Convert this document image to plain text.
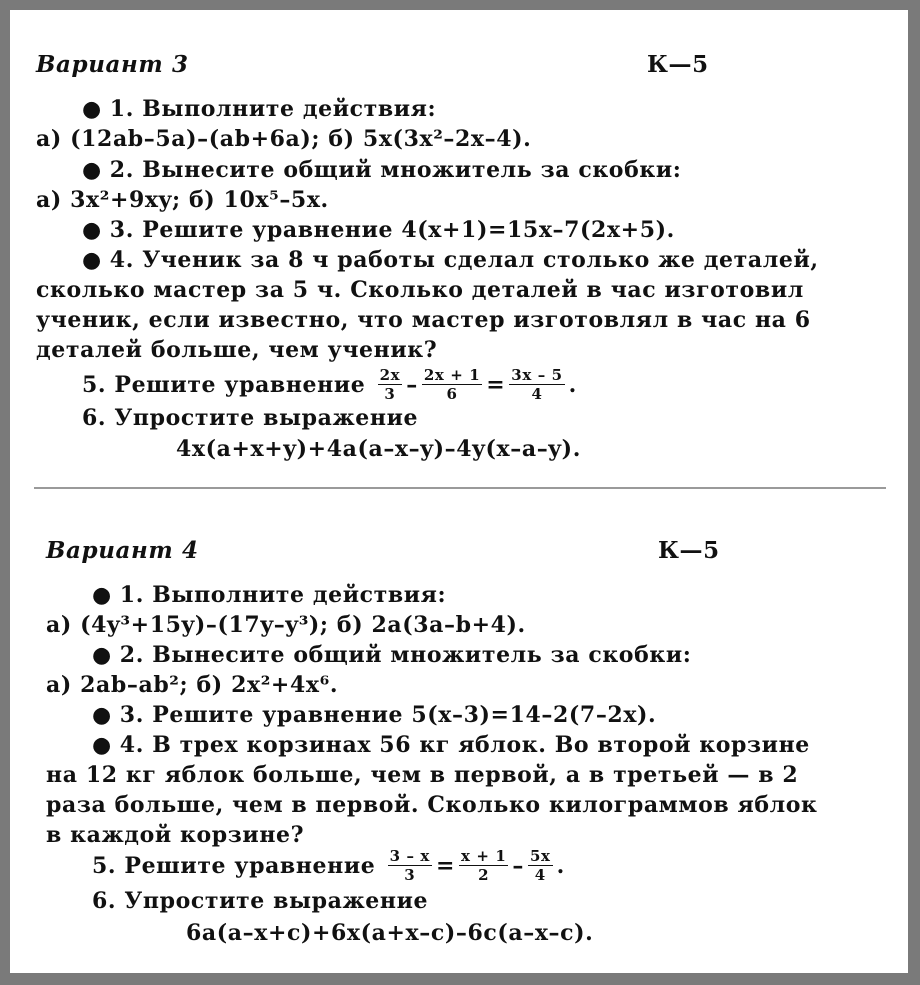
Вариант 3	К—5
● 1. Выполните действия:
а) (12ab–5a)–(ab+6a); б) 5x(3x²–2x–4).
● 2. Вынесите общий множитель за скобки:
а) 3x²+9xy; б) 10x⁵–5x.
● 3. Решите уравнение 4(x+1)=15x–7(2x+5).
● 4. Ученик за 8 ч работы сделал столько же деталей,
сколько мастер за 5 ч. Сколько деталей в час изготовил
ученик, если известно, что мастер изготовлял в час на 6
деталей больше, чем ученик?
5. Решите уравнение $\frac{2x}{3} - \frac{2x + 1}{6} = \frac{3x - 5}{4}$ .
6. Упростите выражение
4x(a+x+y)+4a(a–x–y)–4y(x–a–y).
Вариант 4	К—5
● 1. Выполните действия:
а) (4y³+15y)–(17y–y³); б) 2a(3a–b+4).
● 2. Вынесите общий множитель за скобки:
а) 2ab–ab²; б) 2x²+4x⁶.
● 3. Решите уравнение 5(x–3)=14–2(7–2x).
● 4. В трех корзинах 56 кг яблок. Во второй корзине
на 12 кг яблок больше, чем в первой, а в третьей — в 2
раза больше, чем в первой. Сколько килограммов яблок
в каждой корзине?
5. Решите уравнение $\frac{3 - x}{3} = \frac{x + 1}{2} - \frac{5x}{4}$ .
6. Упростите выражение
6a(a–x+c)+6x(a+x–c)–6c(a–x–c).
